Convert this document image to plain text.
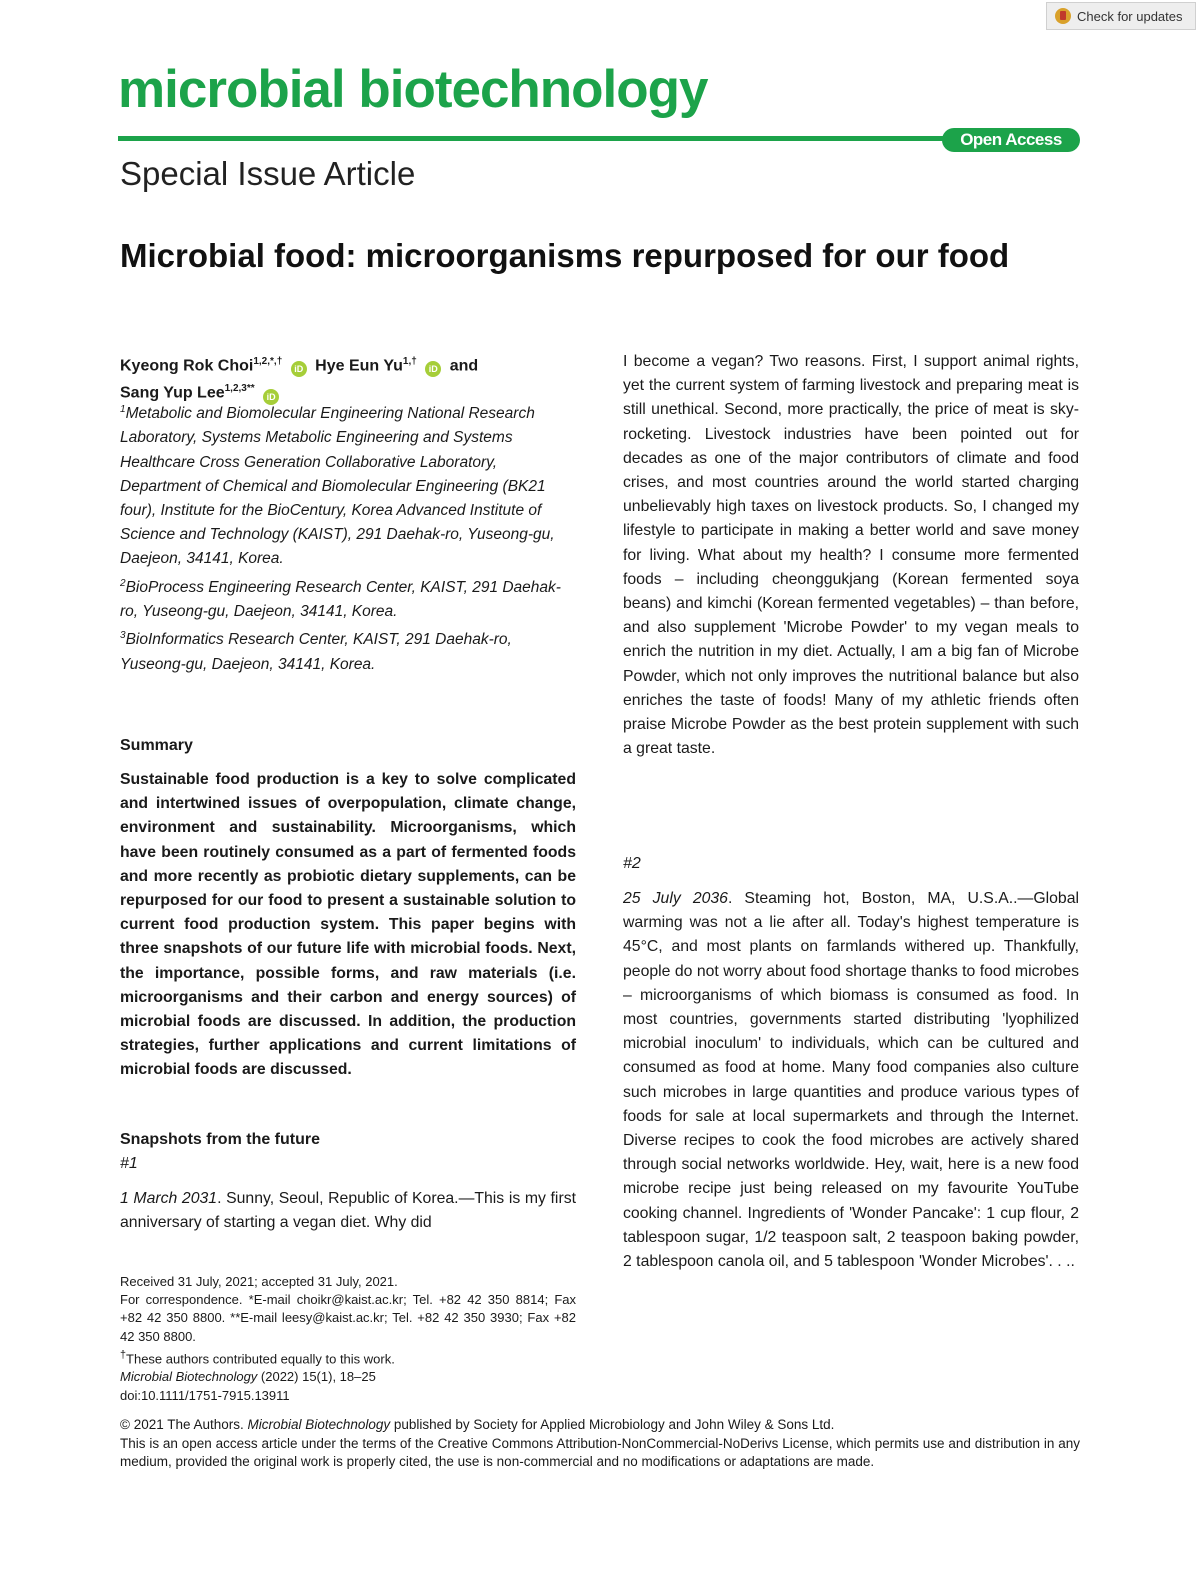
Check for updates
microbial biotechnology
Open Access
Special Issue Article
Microbial food: microorganisms repurposed for our food
Kyeong Rok Choi$^{1,2,*,\dagger}$ iD Hye Eun $Yu^{1,\dagger}$ iD and
Sang Yup Lee$^{1,2,3**}$ iD

$^1$Metabolic and Biomolecular Engineering National Research Laboratory, Systems Metabolic Engineering and Systems Healthcare Cross Generation Collaborative Laboratory, Department of Chemical and Biomolecular Engineering (BK21 four), Institute for the BioCentury, Korea Advanced Institute of Science and Technology (KAIST), 291 Daehak-ro, Yuseong-gu, Daejeon, 34141, Korea.

$^2$BioProcess Engineering Research Center, KAIST, 291 Daehak-ro, Yuseong-gu, Daejeon, 34141, Korea.

$^3$BioInformatics Research Center, KAIST, 291 Daehak-ro, Yuseong-gu, Daejeon, 34141, Korea.

Summary

Sustainable food production is a key to solve complicated and intertwined issues of overpopulation, climate change, environment and sustainability. Microorganisms, which have been routinely consumed as a part of fermented foods and more recently as probiotic dietary supplements, can be repurposed for our food to present a sustainable solution to current food production system. This paper begins with three snapshots of our future life with microbial foods. Next, the importance, possible forms, and raw materials (i.e. microorganisms and their carbon and energy sources) of microbial foods are discussed. In addition, the production strategies, further applications and current limitations of microbial foods are discussed.

Snapshots from the future
#1

1 March 2031. Sunny, Seoul, Republic of Korea.—This is my first anniversary of starting a vegan diet. Why did

Received 31 July, 2021; accepted 31 July, 2021.

For correspondence. *E-mail choikr@kaist.ac.kr; Tel. +82 42 350 8814; Fax +82 42 350 8800. **E-mail leesy@kaist.ac.kr; Tel. +82 42 350 3930; Fax +82 42 350 8800.

†These authors contributed equally to this work.

Microbial Biotechnology (2022) 15(1), 18–25

doi:10.1111/1751-7915.13911

I become a vegan? Two reasons. First, I support animal rights, yet the current system of farming livestock and preparing meat is still unethical. Second, more practically, the price of meat is sky-rocketing. Livestock industries have been pointed out for decades as one of the major contributors of climate and food crises, and most countries around the world started charging unbelievably high taxes on livestock products. So, I changed my lifestyle to participate in making a better world and save money for living. What about my health? I consume more fermented foods – including cheonggukjang (Korean fermented soya beans) and kimchi (Korean fermented vegetables) – than before, and also supplement 'Microbe Powder' to my vegan meals to enrich the nutrition in my diet. Actually, I am a big fan of Microbe Powder, which not only improves the nutritional balance but also enriches the taste of foods! Many of my athletic friends often praise Microbe Powder as the best protein supplement with such a great taste.

#2

25 July 2036. Steaming hot, Boston, MA, U.S.A..—Global warming was not a lie after all. Today's highest temperature is 45°C, and most plants on farmlands withered up. Thankfully, people do not worry about food shortage thanks to food microbes – microorganisms of which biomass is consumed as food. In most countries, governments started distributing 'lyophilized microbial inoculum' to individuals, which can be cultured and consumed as food at home. Many food companies also culture such microbes in large quantities and produce various types of foods for sale at local supermarkets and through the Internet. Diverse recipes to cook the food microbes are actively shared through social networks worldwide. Hey, wait, here is a new food microbe recipe just being released on my favourite YouTube cooking channel. Ingredients of 'Wonder Pancake': 1 cup flour, 2 tablespoon sugar, 1/2 teaspoon salt, 2 teaspoon baking powder, 2 tablespoon canola oil, and 5 tablespoon 'Wonder Microbes'. . ..

© 2021 The Authors. Microbial Biotechnology published by Society for Applied Microbiology and John Wiley & Sons Ltd.

This is an open access article under the terms of the Creative Commons Attribution-NonCommercial-NoDerivs License, which permits use and distribution in any medium, provided the original work is properly cited, the use is non-commercial and no modifications or adaptations are made.
